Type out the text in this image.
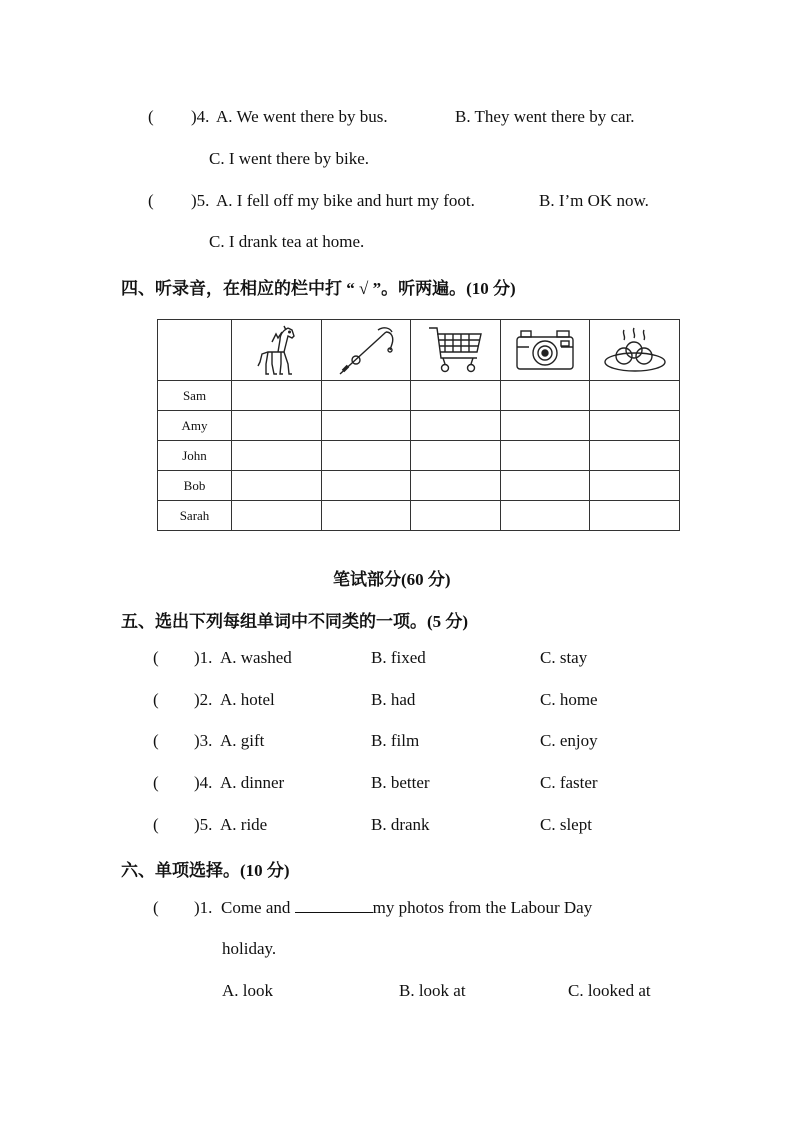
( )4. A. We went there by bus.	B. They went there by car.
C. I went there by bike.
( )5. A. I fell off my bike and hurt my foot.	B. I’m OK now.
C. I drank tea at home.
四、听录音，在相应的栏中打 “ √ ”。听两遍。(10 分)

Sam					
Amy					
John					
Bob					
Sarah					
笔试部分(60 分)
五、选出下列每组单词中不同类的一项。(5 分)
( )1. A. washed	B. fixed	C. stay
( )2. A. hotel	B. had	C. home
( )3. A. gift	B. film	C. enjoy
( )4. A. dinner	B. better	C. faster
( )5. A. ride	B. drank	C. slept
六、单项选择。(10 分)
( )1. Come and	my photos from the Labour Day
holiday.
A. look	B. look at	C. looked at
